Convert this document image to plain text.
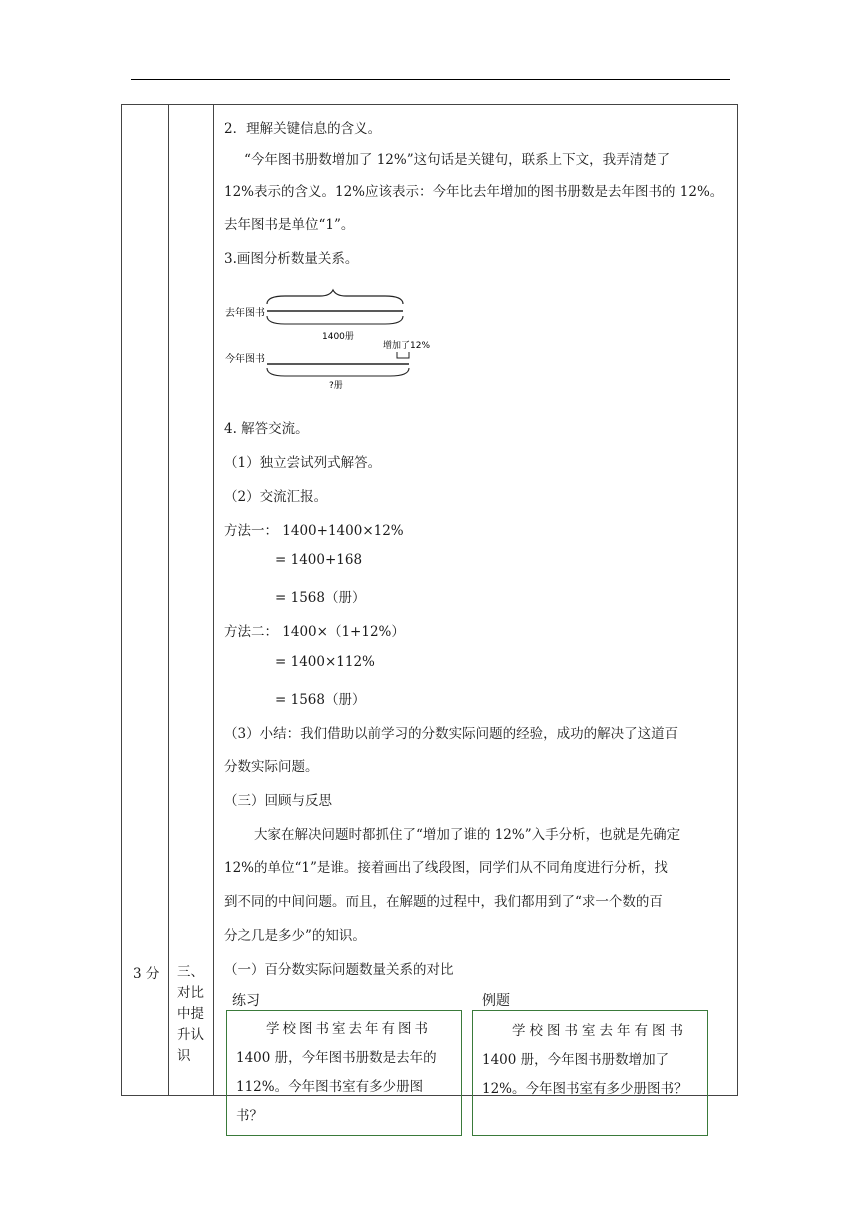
3 分 三、
对比
中提
升认
识
2．理解关键信息的含义。
“今年图书册数增加了 12%”这句话是关键句，联系上下文，我弄清楚了
12%表示的含义。12%应该表示：今年比去年增加的图书册数是去年图书的 12%。
去年图书是单位“1”。
3.画图分析数量关系。
去年图书
1400册
今年图书
增加了12%
?册
4. 解答交流。
（1）独立尝试列式解答。
（2）交流汇报。
方法一： 1400+1400×12%
= 1400+168
= 1568（册）
方法二： 1400×（1+12%）
= 1400×112%
= 1568（册）
（3）小结：我们借助以前学习的分数实际问题的经验，成功的解决了这道百
分数实际问题。
（三）回顾与反思
大家在解决问题时都抓住了“增加了谁的 12%”入手分析，也就是先确定
12%的单位“1”是谁。接着画出了线段图，同学们从不同角度进行分析，找
到不同的中间问题。而且，在解题的过程中，我们都用到了“求一个数的百
分之几是多少”的知识。
（一）百分数实际问题数量关系的对比
练习	例题
学校图书室去年有图书
1400 册，今年图书册数是去年的
112%。今年图书室有多少册图
书？
学校图书室去年有图书
1400 册，今年图书册数增加了
12%。今年图书室有多少册图书？
